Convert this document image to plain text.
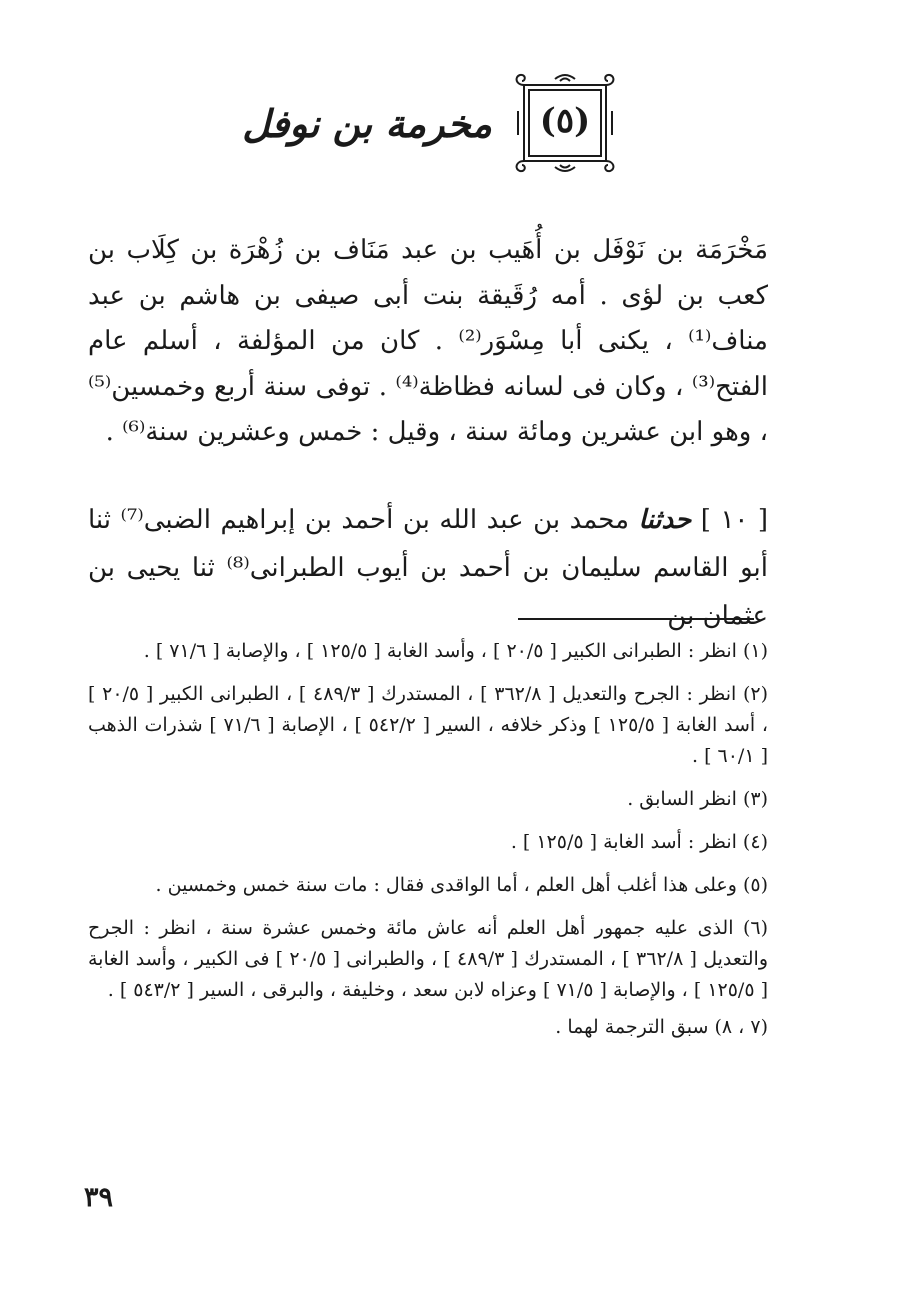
(٥)
مخرمة بن نوفل

مَخْرَمَة بن نَوْفَل بن أُهَيب بن عبد مَنَاف بن زُهْرَة بن كِلَاب بن كعب بن لؤى . أمه رُقَيقة بنت أبى صيفى بن هاشم بن عبد مناف⁽¹⁾ ، يكنى أبا مِسْوَر⁽²⁾ . كان من المؤلفة ، أسلم عام الفتح⁽³⁾ ، وكان فى لسانه فظاظة⁽⁴⁾ . توفى سنة أربع وخمسين⁽⁵⁾ ، وهو ابن عشرين ومائة سنة ، وقيل : خمس وعشرين سنة⁽⁶⁾ .

[ ١٠ ] حدثنا محمد بن عبد الله بن أحمد بن إبراهيم الضبى⁽⁷⁾ ثنا أبو القاسم سليمان بن أحمد بن أيوب الطبرانى⁽⁸⁾ ثنا يحيى بن عثمان بن

(١) انظر : الطبرانى الكبير [ ٢٠/٥ ] ، وأسد الغابة [ ١٢٥/٥ ] ، والإصابة [ ٧١/٦ ] .

(٢) انظر : الجرح والتعديل [ ٣٦٢/٨ ] ، المستدرك [ ٤٨٩/٣ ] ، الطبرانى الكبير [ ٢٠/٥ ] ، أسد الغابة [ ١٢٥/٥ ] وذكر خلافه ، السير [ ٥٤٢/٢ ] ، الإصابة [ ٧١/٦ ] شذرات الذهب [ ٦٠/١ ] .

(٣) انظر السابق .

(٤) انظر : أسد الغابة [ ١٢٥/٥ ] .

(٥) وعلى هذا أغلب أهل العلم ، أما الواقدى فقال : مات سنة خمس وخمسين .

(٦) الذى عليه جمهور أهل العلم أنه عاش مائة وخمس عشرة سنة ، انظر : الجرح والتعديل [ ٣٦٢/٨ ] ، المستدرك [ ٤٨٩/٣ ] ، والطبرانى [ ٢٠/٥ ] فى الكبير ، وأسد الغابة [ ١٢٥/٥ ] ، والإصابة [ ٧١/٥ ] وعزاه لابن سعد ، وخليفة ، والبرقى ، السير [ ٥٤٣/٢ ] .

(٧ ، ٨) سبق الترجمة لهما .

٣٩
